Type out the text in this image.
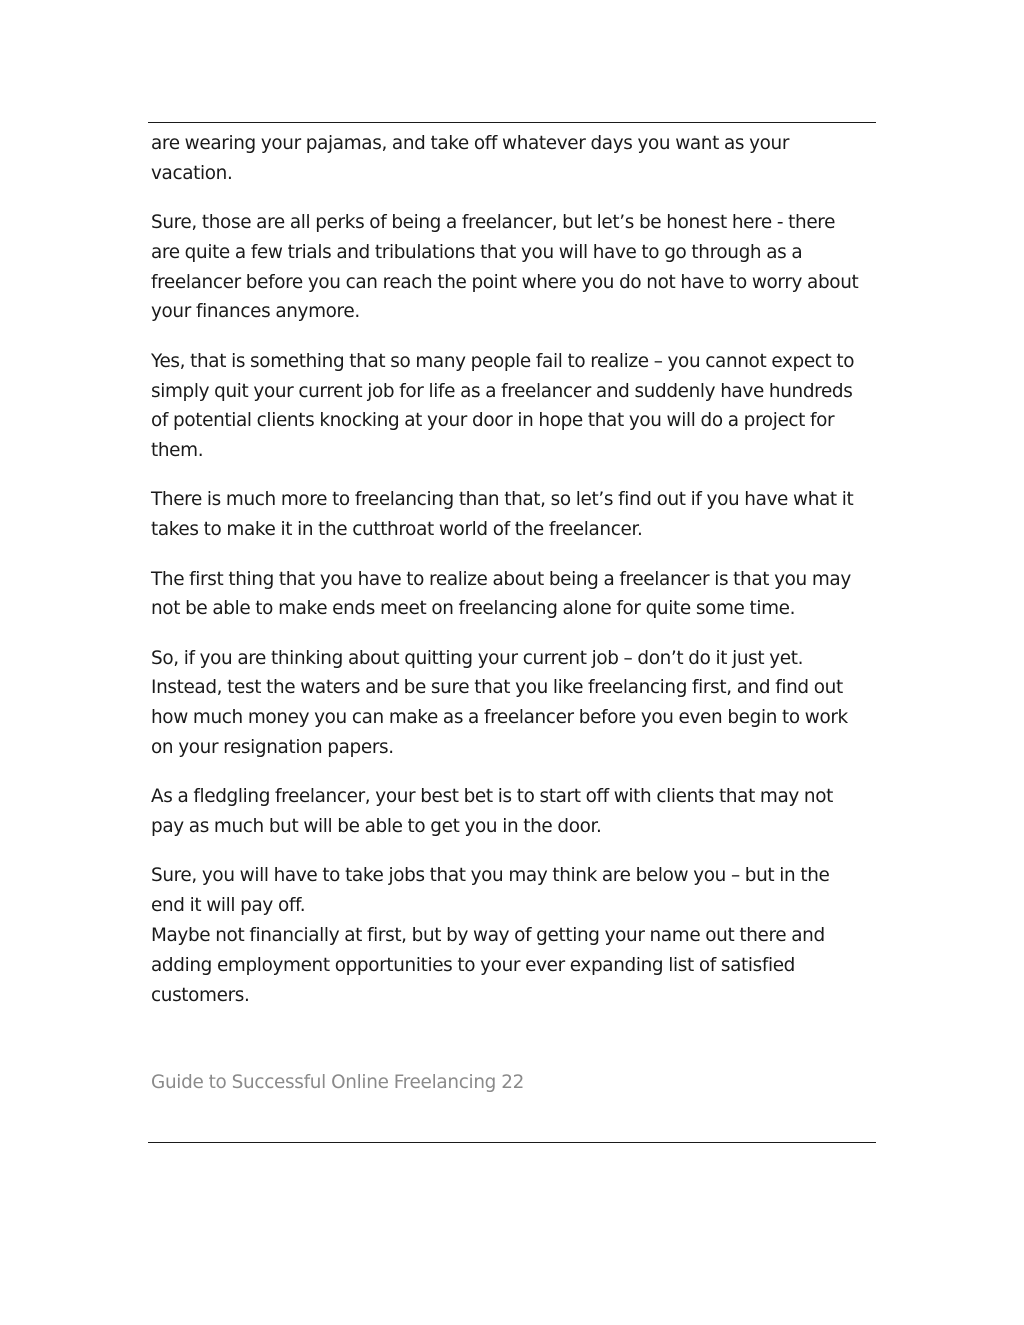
are wearing your pajamas, and take off whatever days you want as your vacation.

Sure, those are all perks of being a freelancer, but let’s be honest here - there are quite a few trials and tribulations that you will have to go through as a freelancer before you can reach the point where you do not have to worry about your finances anymore.

Yes, that is something that so many people fail to realize – you cannot expect to simply quit your current job for life as a freelancer and suddenly have hundreds of potential clients knocking at your door in hope that you will do a project for them.

There is much more to freelancing than that, so let’s find out if you have what it takes to make it in the cutthroat world of the freelancer.

The first thing that you have to realize about being a freelancer is that you may not be able to make ends meet on freelancing alone for quite some time.

So, if you are thinking about quitting your current job – don’t do it just yet. Instead, test the waters and be sure that you like freelancing first, and find out how much money you can make as a freelancer before you even begin to work on your resignation papers.

As a fledgling freelancer, your best bet is to start off with clients that may not pay as much but will be able to get you in the door.

Sure, you will have to take jobs that you may think are below you – but in the end it will pay off.

Maybe not financially at first, but by way of getting your name out there and adding employment opportunities to your ever expanding list of satisfied customers.

Guide to Successful Online Freelancing 22
